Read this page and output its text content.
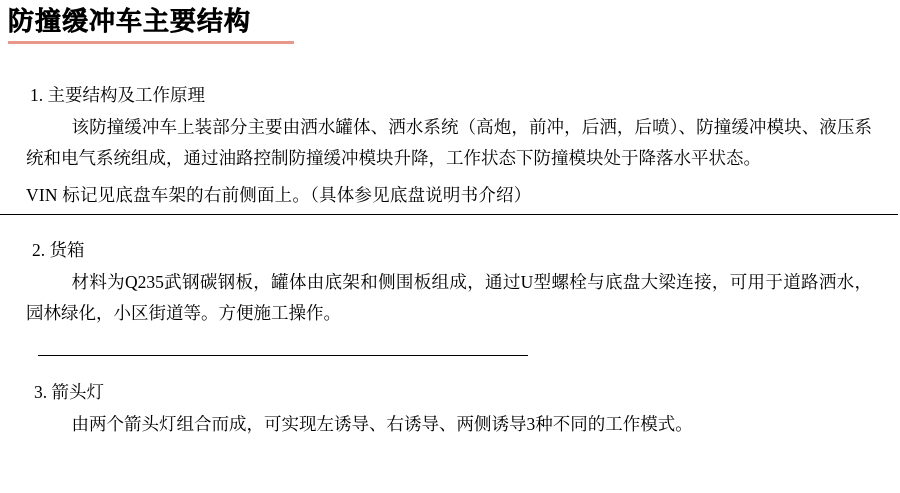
防撞缓冲车主要结构
1. 主要结构及工作原理

该防撞缓冲车上装部分主要由洒水罐体、洒水系统（高炮，前冲，后洒，后喷）、防撞缓冲模块、液压系统和电气系统组成，通过油路控制防撞缓冲模块升降，工作状态下防撞模块处于降落水平状态。

VIN 标记见底盘车架的右前侧面上。（具体参见底盘说明书介绍）
2. 货箱

材料为Q235武钢碳钢板，罐体由底架和侧围板组成，通过U型螺栓与底盘大梁连接，可用于道路洒水，园林绿化，小区街道等。方便施工操作。

3. 箭头灯

由两个箭头灯组合而成，可实现左诱导、右诱导、两侧诱导3种不同的工作模式。
